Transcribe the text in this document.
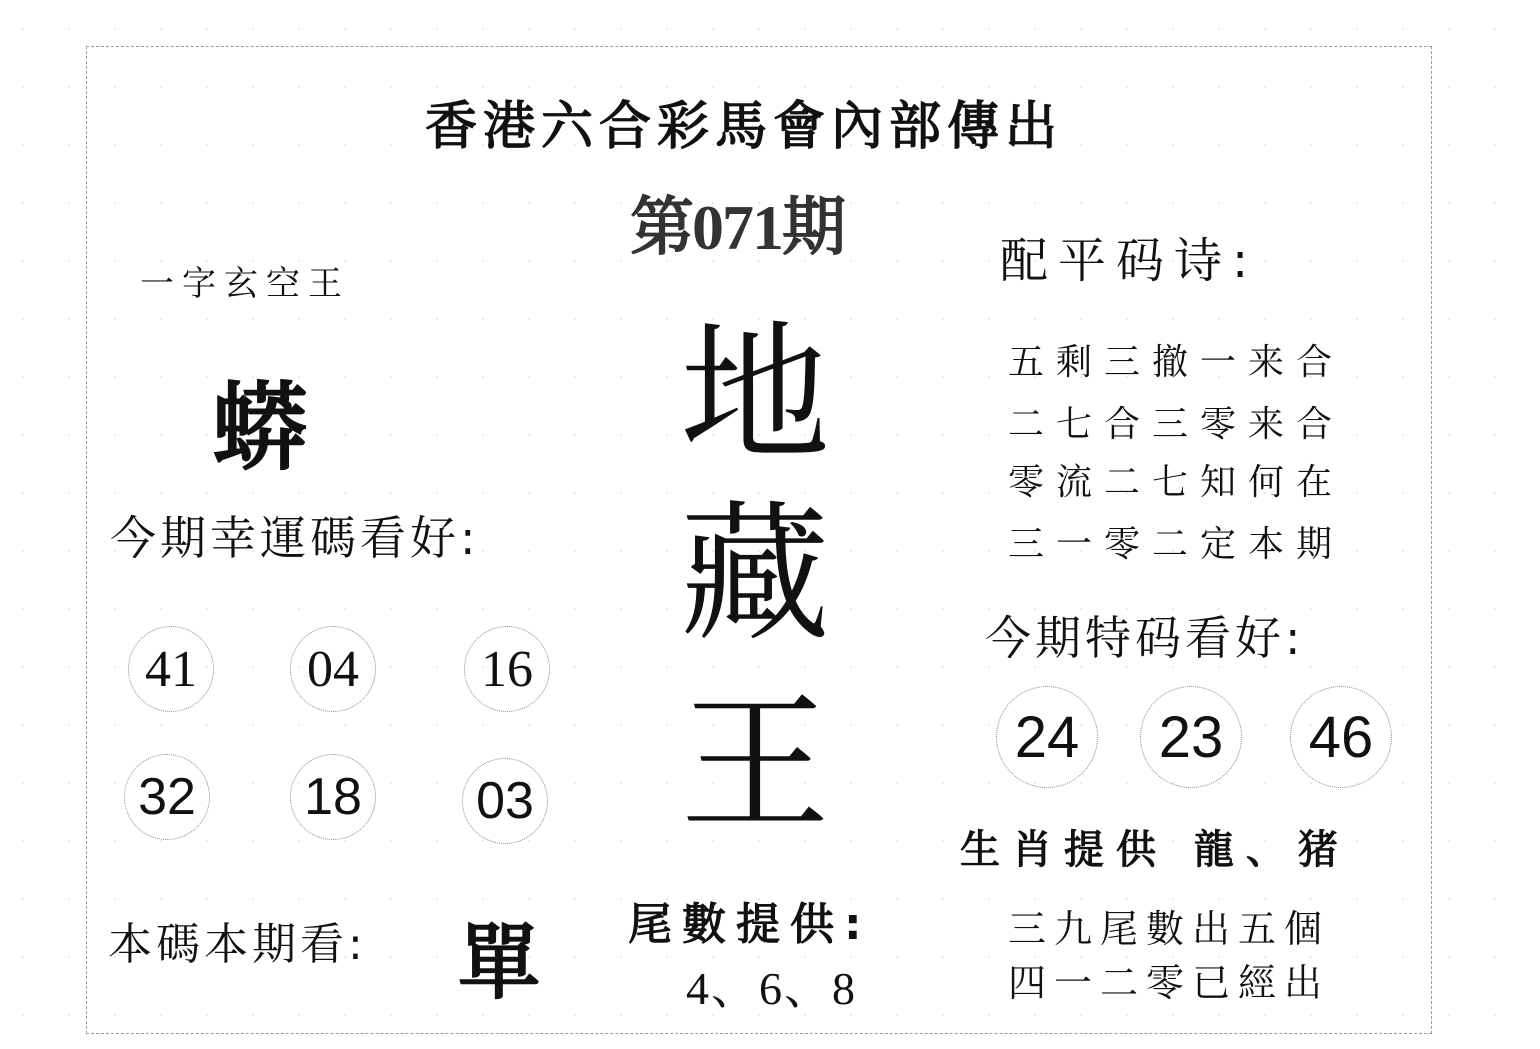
香港六合彩馬會內部傳出
第071期
一字玄空王
蟒
今期幸運碼看好:
41	04	16
32 18 03
地
藏
王
配平码诗:
五剩三撤一来合
二七合三零来合
零流二七知何在
三一零二定本期
今期特码看好:
24	23	46
生肖提供 龍、猪
本碼本期看: 單 尾數提供:
4、6、8
三九尾數出五個
四一二零已經出
